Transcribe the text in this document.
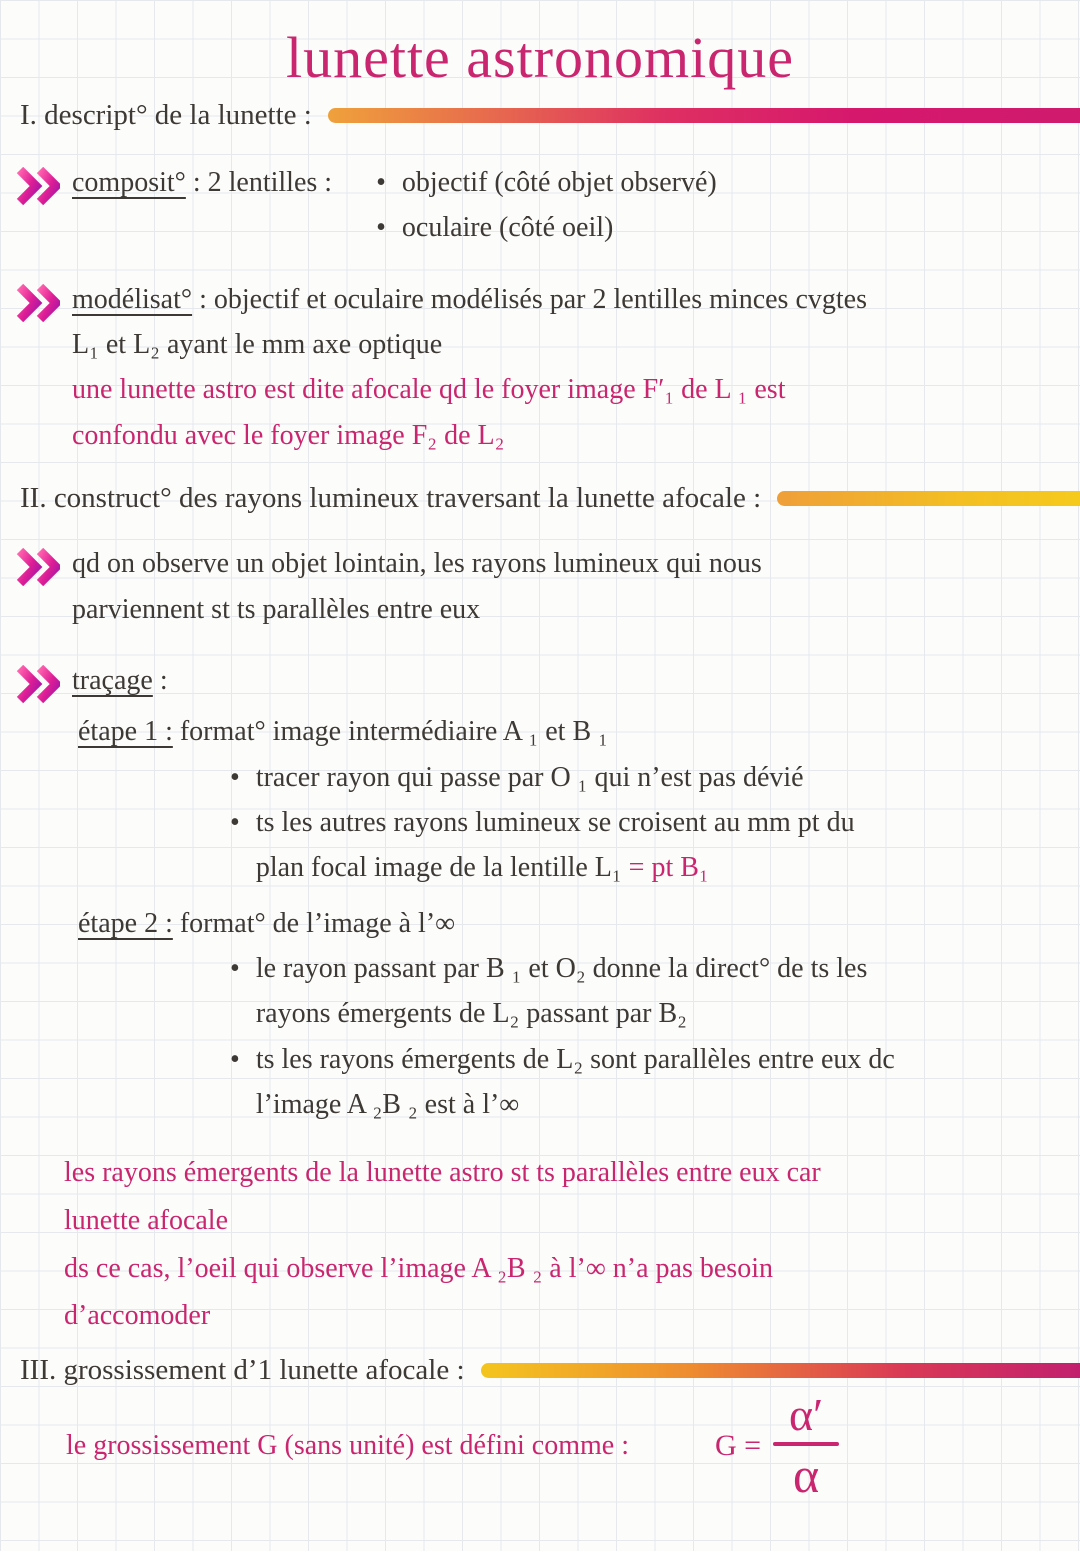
lunette astronomique
I. descript° de la lunette :
composit° : 2 lentilles : • objectif (côté objet observé)
• oculaire (côté oeil)
modélisat° : objectif et oculaire modélisés par 2 lentilles minces cvgtes
L₁ et L₂ ayant le mm axe optique
une lunette astro est dite afocale qd le foyer image F′₁ de L ₁ est
confondu avec le foyer image F₂ de L₂
II. construct° des rayons lumineux traversant la lunette afocale :
qd on observe un objet lointain, les rayons lumineux qui nous
parviennent st ts parallèles entre eux
traçage :
étape 1 : format° image intermédiaire A ₁ et B ₁
• tracer rayon qui passe par O ₁ qui n’est pas dévié
• ts les autres rayons lumineux se croisent au mm pt du
plan focal image de la lentille L₁ = pt B₁
étape 2 : format° de l’image à l’∞
• le rayon passant par B ₁ et O₂ donne la direct° de ts les
rayons émergents de L₂ passant par B₂
• ts les rayons émergents de L₂ sont parallèles entre eux dc
l’image A ₂B ₂ est à l’∞
les rayons émergents de la lunette astro st ts parallèles entre eux car
lunette afocale
ds ce cas, l’oeil qui observe l’image A ₂B ₂ à l’∞ n’a pas besoin
d’accomoder
III. grossissement d’1 lunette afocale :
le grossissement G (sans unité) est défini comme :	$G = \frac{\alpha'}{\alpha}$
